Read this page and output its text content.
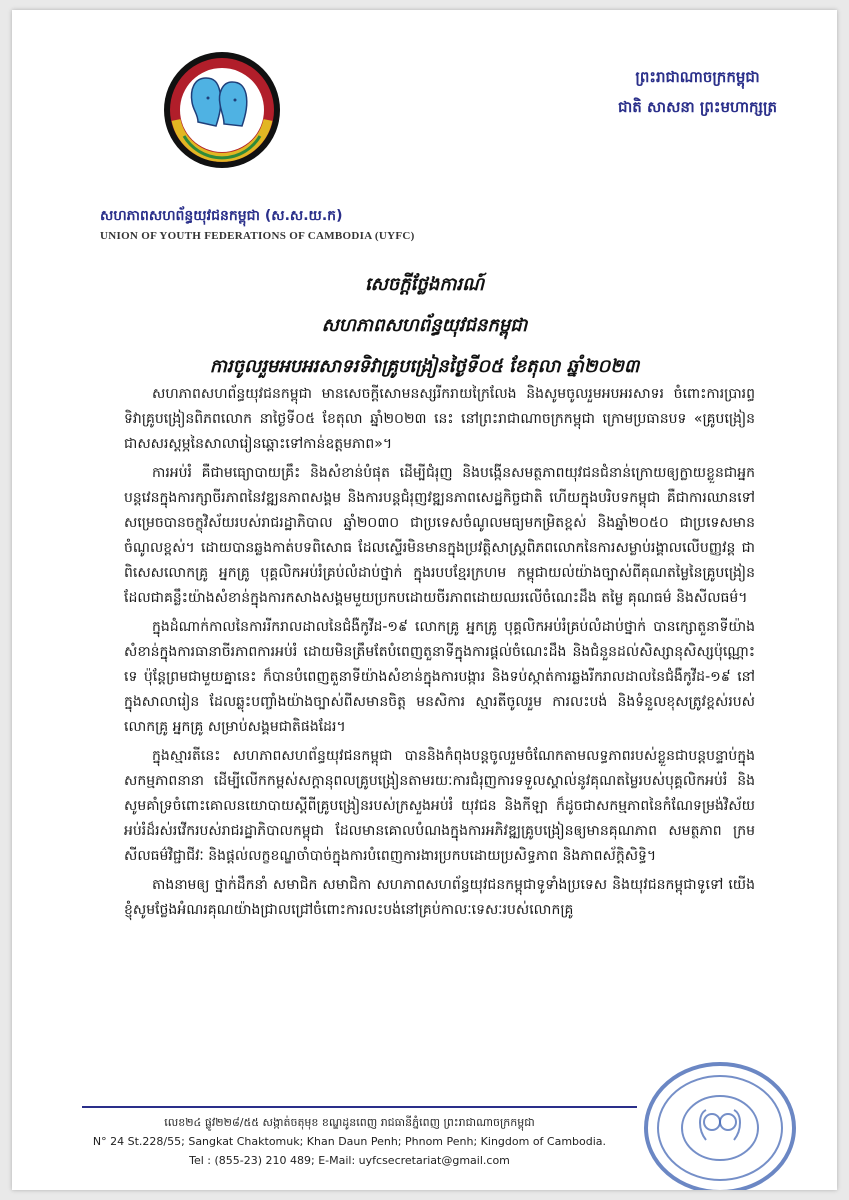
សហភាពសហព័ន្ធយុវជនកម្ពុជា (ស.ស.យ.ក)
UNION OF YOUTH FEDERATIONS OF CAMBODIA (UYFC)
ព្រះរាជាណាចក្រកម្ពុជា
ជាតិ សាសនា ព្រះមហាក្សត្រ
សេចក្តីថ្លែងការណ៍
សហភាពសហព័ន្ធយុវជនកម្ពុជា
ការចូលរួមអបអរសាទរទិវាគ្រូបង្រៀនថ្ងៃទី០៥ ខែតុលា ឆ្នាំ២០២៣

សហភាពសហព័ន្ធយុវជនកម្ពុជា មានសេចក្តីសោមនស្សរីករាយក្រៃលែង និងសូមចូលរួមអបអរសាទរ ចំពោះការប្រារព្ធ ទិវាគ្រូបង្រៀនពិភពលោក នាថ្ងៃទី០៥ ខែតុលា ឆ្នាំ២០២៣ នេះ នៅព្រះរាជាណាចក្រកម្ពុជា ក្រោមប្រធានបទ «គ្រូបង្រៀនជាសសរស្តម្ភនៃសាលារៀនឆ្ពោះទៅកាន់ឧត្តមភាព»។

ការអប់រំ គឺជាមធ្យោបាយគ្រឹះ និងសំខាន់បំផុត ដើម្បីជំរុញ និងបង្កើនសមត្ថភាពយុវជនជំនាន់ក្រោយឲ្យក្លាយខ្លួនជាអ្នកបន្តវេនក្នុងការក្សាចីរភាពនៃវឌ្ឍនភាពសង្គម និងការបន្តជំរុញវឌ្ឍនភាពសេដ្ឋកិច្ចជាតិ ហើយក្នុងបរិបទកម្ពុជា គឺជាការឈានទៅសម្រេចបានចក្ខុវិស័យរបស់រាជរដ្ឋាភិបាល ឆ្នាំ២០៣០ ជាប្រទេសចំណូលមធ្យមកម្រិតខ្ពស់ និងឆ្នាំ២០៥០ ជាប្រទេសមានចំណូលខ្ពស់។ ដោយបានឆ្លងកាត់បទពិសោធ ដែលស្ទើរមិនមានក្នុងប្រវត្តិសាស្ត្រពិភពលោកនៃការសម្លាប់រង្គាលលើបញ្ញវន្ត ជាពិសេសលោកគ្រូ អ្នកគ្រូ បុគ្គលិកអប់រំគ្រប់លំដាប់ថ្នាក់ ក្នុងរបបខ្មែរក្រហម កម្ពុជាយល់យ៉ាងច្បាស់ពីគុណតម្លៃនៃគ្រូបង្រៀន ដែលជាគន្លឹះយ៉ាងសំខាន់ក្នុងការកសាងសង្គមមួយប្រកបដោយចីរភាពដោយឈរលើចំណេះដឹង តម្លៃ គុណធម៌ និងសីលធម៌។

ក្នុងដំណាក់កាលនៃការរីករាលដាលនៃជំងឺកូវីដ-១៩ លោកគ្រូ អ្នកគ្រូ បុគ្គលិកអប់រំគ្រប់លំដាប់ថ្នាក់ បានក្សោតួនាទីយ៉ាងសំខាន់ក្នុងការធានាចីរភាពការអប់រំ ដោយមិនត្រឹមតែបំពេញតួនាទីក្នុងការផ្តល់ចំណេះដឹង និងជំនួនដល់សិស្សានុសិស្សប៉ុណ្ណោះទេ ប៉ុន្តែព្រមជាមួយគ្នានេះ ក៏បានបំពេញតួនាទីយ៉ាងសំខាន់ក្នុងការបង្ការ និងទប់ស្កាត់ការឆ្លងរីករាលដាលនៃជំងឺកូវីដ-១៩ នៅក្នុងសាលារៀន ដែលឆ្លុះបញ្ចាំងយ៉ាងច្បាស់ពីសមានចិត្ត មនសិការ ស្មារតីចូលរួម ការលះបង់ និងទំនួលខុសត្រូវខ្ពស់របស់លោកគ្រូ អ្នកគ្រូ សម្រាប់សង្គមជាតិផងដែរ។

ក្នុងស្មារតីនេះ សហភាពសហព័ន្ធយុវជនកម្ពុជា បាននិងកំពុងបន្តចូលរួមចំណែកតាមលទ្ធភាពរបស់ខ្លួនជាបន្តបន្ទាប់ក្នុងសកម្មភាពនានា ដើម្បីលើកកម្ពស់សក្តានុពលគ្រូបង្រៀនតាមរយៈការជំរុញការទទួលស្គាល់នូវគុណតម្លៃរបស់បុគ្គលិកអប់រំ និងសូមគាំទ្រចំពោះគោលនយោបាយស្តីពីគ្រូបង្រៀនរបស់ក្រសួងអប់រំ យុវជន និងកីឡា ក៏ដូចជាសកម្មភាពនៃកំណែទម្រង់វិស័យអប់រំដ៏រស់រវើករបស់រាជរដ្ឋាភិបាលកម្ពុជា ដែលមានគោលបំណងក្នុងការអភិវឌ្ឍគ្រូបង្រៀនឲ្យមានគុណភាព សមត្ថភាព ក្រមសីលធម៌វិជ្ជាជីវៈ និងផ្តល់លក្ខខណ្ឌចាំបាច់ក្នុងការបំពេញការងារប្រកបដោយប្រសិទ្ធភាព និងភាពស័ក្តិសិទ្ធិ។

តាងនាមឲ្យ ថ្នាក់ដឹកនាំ សមាជិក សមាជិកា សហភាពសហព័ន្ធយុវជនកម្ពុជាទូទាំងប្រទេស និងយុវជនកម្ពុជាទូទៅ យើងខ្ញុំសូមថ្លែងអំណរគុណយ៉ាងជ្រាលជ្រៅចំពោះការលះបង់នៅគ្រប់កាលៈទេសៈរបស់លោកគ្រូ

លេខ២៤ ផ្លូវ២២៨/៥៥ សង្កាត់ចតុមុខ ខណ្ឌដូនពេញ រាជធានីភ្នំពេញ ព្រះរាជាណាចក្រកម្ពុជា
N° 24 St.228/55; Sangkat Chaktomuk; Khan Daun Penh; Phnom Penh; Kingdom of Cambodia.
Tel : (855-23) 210 489; E-Mail: uyfcsecretariat@gmail.com
